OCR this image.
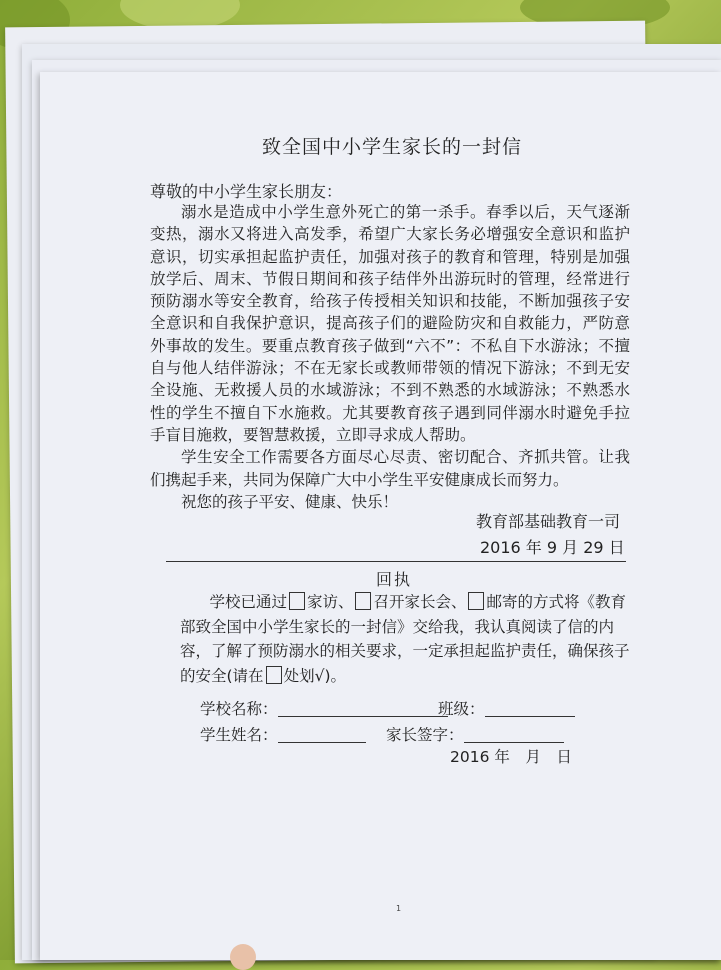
致全国中小学生家长的一封信
尊敬的中小学生家长朋友：

溺水是造成中小学生意外死亡的第一杀手。春季以后，天气逐渐变热，溺水又将进入高发季，希望广大家长务必增强安全意识和监护意识，切实承担起监护责任，加强对孩子的教育和管理，特别是加强放学后、周末、节假日期间和孩子结伴外出游玩时的管理，经常进行预防溺水等安全教育，给孩子传授相关知识和技能，不断加强孩子安全意识和自我保护意识，提高孩子们的避险防灾和自救能力，严防意外事故的发生。要重点教育孩子做到“六不”：不私自下水游泳；不擅自与他人结伴游泳；不在无家长或教师带领的情况下游泳；不到无安全设施、无救援人员的水域游泳；不到不熟悉的水域游泳；不熟悉水性的学生不擅自下水施救。尤其要教育孩子遇到同伴溺水时避免手拉手盲目施救，要智慧救援，立即寻求成人帮助。

学生安全工作需要各方面尽心尽责、密切配合、齐抓共管。让我们携起手来，共同为保障广大中小学生平安健康成长而努力。

祝您的孩子平安、健康、快乐！

教育部基础教育一司
2016 年 9 月 29 日
回执
学校已通过 家访、 召开家长会、 邮寄的方式将《教育部致全国中小学生家长的一封信》交给我，我认真阅读了信的内容，了解了预防溺水的相关要求，一定承担起监护责任，确保孩子的安全(请在 处划√)。
学校名称：	班级：
学生姓名：	家长签字：
2016 年　月　日
1
